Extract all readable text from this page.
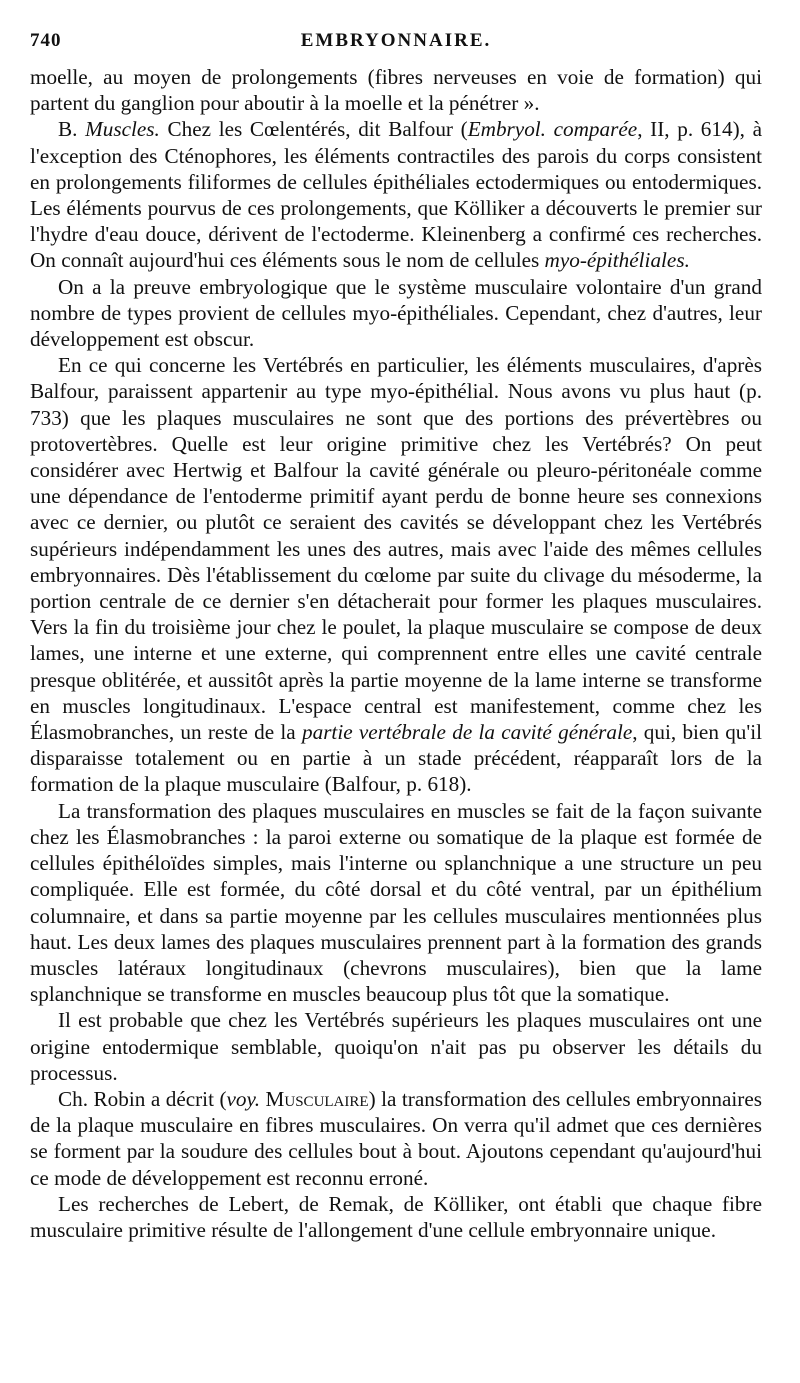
740	EMBRYONNAIRE.

moelle, au moyen de prolongements (fibres nerveuses en voie de formation) qui partent du ganglion pour aboutir à la moelle et la pénétrer ».

B. Muscles. Chez les Cœlentérés, dit Balfour (Embryol. comparée, II, p. 614), à l'exception des Cténophores, les éléments contractiles des parois du corps consistent en prolongements filiformes de cellules épithéliales ectodermiques ou entodermiques. Les éléments pourvus de ces prolongements, que Kölliker a découverts le premier sur l'hydre d'eau douce, dérivent de l'ectoderme. Kleinenberg a confirmé ces recherches. On connaît aujourd'hui ces éléments sous le nom de cellules myo-épithéliales.

On a la preuve embryologique que le système musculaire volontaire d'un grand nombre de types provient de cellules myo-épithéliales. Cependant, chez d'autres, leur développement est obscur.

En ce qui concerne les Vertébrés en particulier, les éléments musculaires, d'après Balfour, paraissent appartenir au type myo-épithélial. Nous avons vu plus haut (p. 733) que les plaques musculaires ne sont que des portions des prévertèbres ou protovertèbres. Quelle est leur origine primitive chez les Vertébrés? On peut considérer avec Hertwig et Balfour la cavité générale ou pleuro-péritonéale comme une dépendance de l'entoderme primitif ayant perdu de bonne heure ses connexions avec ce dernier, ou plutôt ce seraient des cavités se développant chez les Vertébrés supérieurs indépendamment les unes des autres, mais avec l'aide des mêmes cellules embryonnaires. Dès l'établissement du cœlome par suite du clivage du mésoderme, la portion centrale de ce dernier s'en détacherait pour former les plaques musculaires. Vers la fin du troisième jour chez le poulet, la plaque musculaire se compose de deux lames, une interne et une externe, qui comprennent entre elles une cavité centrale presque oblitérée, et aussitôt après la partie moyenne de la lame interne se transforme en muscles longitudinaux. L'espace central est manifestement, comme chez les Élasmobranches, un reste de la partie vertébrale de la cavité générale, qui, bien qu'il disparaisse totalement ou en partie à un stade précédent, réapparaît lors de la formation de la plaque musculaire (Balfour, p. 618).

La transformation des plaques musculaires en muscles se fait de la façon suivante chez les Élasmobranches : la paroi externe ou somatique de la plaque est formée de cellules épithéloïdes simples, mais l'interne ou splanchnique a une structure un peu compliquée. Elle est formée, du côté dorsal et du côté ventral, par un épithélium columnaire, et dans sa partie moyenne par les cellules musculaires mentionnées plus haut. Les deux lames des plaques musculaires prennent part à la formation des grands muscles latéraux longitudinaux (chevrons musculaires), bien que la lame splanchnique se transforme en muscles beaucoup plus tôt que la somatique.

Il est probable que chez les Vertébrés supérieurs les plaques musculaires ont une origine entodermique semblable, quoiqu'on n'ait pas pu observer les détails du processus.

Ch. Robin a décrit (voy. Musculaire) la transformation des cellules embryonnaires de la plaque musculaire en fibres musculaires. On verra qu'il admet que ces dernières se forment par la soudure des cellules bout à bout. Ajoutons cependant qu'aujourd'hui ce mode de développement est reconnu erroné.

Les recherches de Lebert, de Remak, de Kölliker, ont établi que chaque fibre musculaire primitive résulte de l'allongement d'une cellule embryonnaire unique.
